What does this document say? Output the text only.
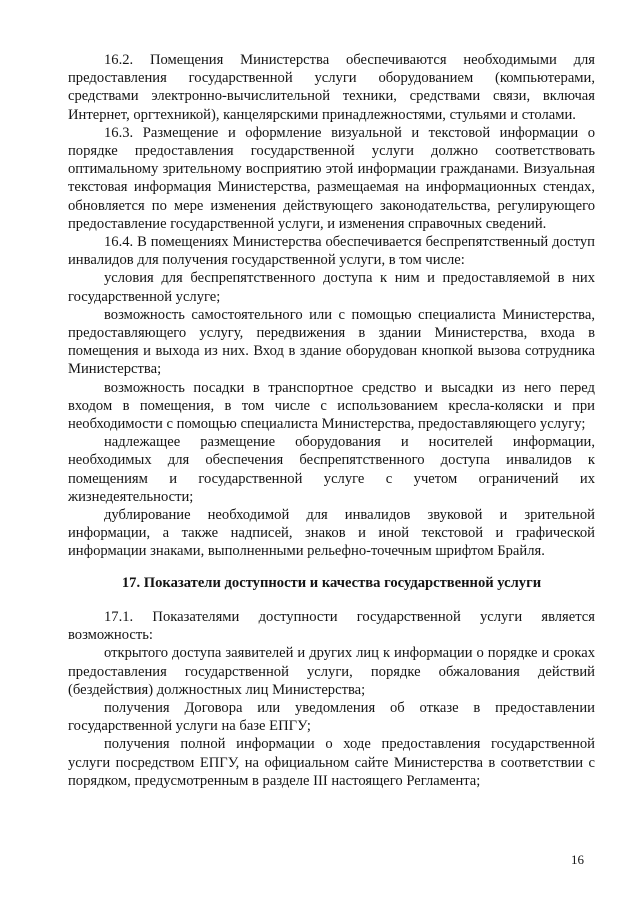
16.2. Помещения Министерства обеспечиваются необходимыми для предоставления государственной услуги оборудованием (компьютерами, средствами электронно-вычислительной техники, средствами связи, включая Интернет, оргтехникой), канцелярскими принадлежностями, стульями и столами.

16.3. Размещение и оформление визуальной и текстовой информации о порядке предоставления государственной услуги должно соответствовать оптимальному зрительному восприятию этой информации гражданами. Визуальная текстовая информация Министерства, размещаемая на информационных стендах, обновляется по мере изменения действующего законодательства, регулирующего предоставление государственной услуги, и изменения справочных сведений.

16.4. В помещениях Министерства обеспечивается беспрепятственный доступ инвалидов для получения государственной услуги, в том числе:

условия для беспрепятственного доступа к ним и предоставляемой в них государственной услуге;

возможность самостоятельного или с помощью специалиста Министерства, предоставляющего услугу, передвижения в здании Министерства, входа в помещения и выхода из них. Вход в здание оборудован кнопкой вызова сотрудника Министерства;

возможность посадки в транспортное средство и высадки из него перед входом в помещения, в том числе с использованием кресла-коляски и при необходимости с помощью специалиста Министерства, предоставляющего услугу;

надлежащее размещение оборудования и носителей информации, необходимых для обеспечения беспрепятственного доступа инвалидов к помещениям и государственной услуге с учетом ограничений их жизнедеятельности;

дублирование необходимой для инвалидов звуковой и зрительной информации, а также надписей, знаков и иной текстовой и графической информации знаками, выполненными рельефно-точечным шрифтом Брайля.

17. Показатели доступности и качества государственной услуги

17.1. Показателями доступности государственной услуги является возможность:

открытого доступа заявителей и других лиц к информации о порядке и сроках предоставления государственной услуги, порядке обжалования действий (бездействия) должностных лиц Министерства;

получения Договора или уведомления об отказе в предоставлении государственной услуги на базе ЕПГУ;

получения полной информации о ходе предоставления государственной услуги посредством ЕПГУ, на официальном сайте Министерства в соответствии с порядком, предусмотренным в разделе III настоящего Регламента;

16
